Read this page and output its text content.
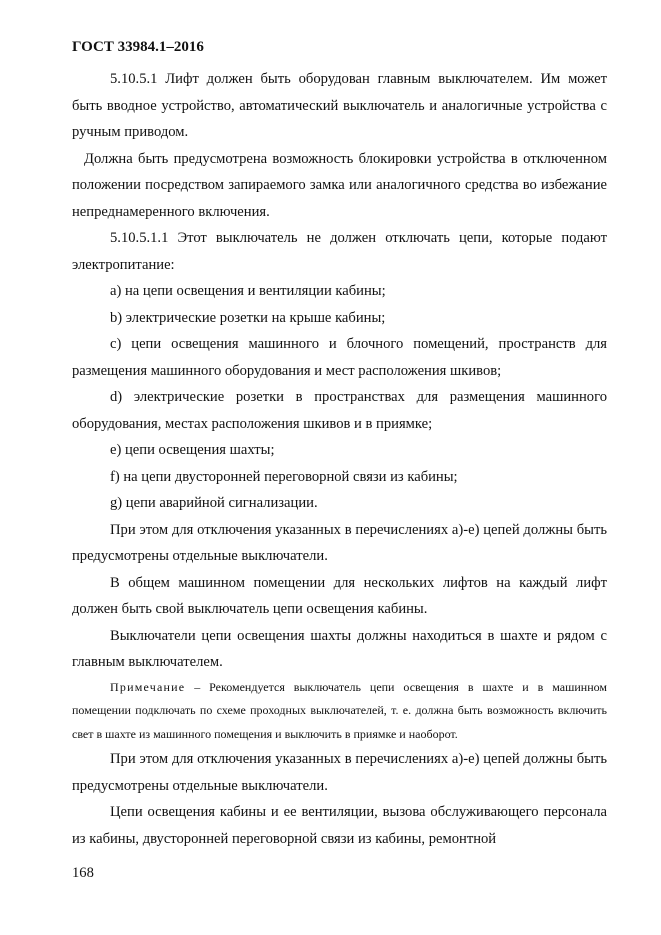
ГОСТ 33984.1–2016

5.10.5.1 Лифт должен быть оборудован главным выключателем. Им может быть вводное устройство, автоматический выключатель и аналогичные устройства с ручным приводом.

Должна быть предусмотрена возможность блокировки устройства в отключенном положении посредством запираемого замка или аналогичного средства во избежание непреднамеренного включения.

5.10.5.1.1 Этот выключатель не должен отключать цепи, которые подают электропитание:

a) на цепи освещения и вентиляции кабины;

b) электрические розетки на крыше кабины;

c) цепи освещения машинного и блочного помещений, пространств для размещения машинного оборудования и мест расположения шкивов;

d) электрические розетки в пространствах для размещения машинного оборудования, местах расположения шкивов и в приямке;

e) цепи освещения шахты;

f) на цепи двусторонней переговорной связи из кабины;

g) цепи аварийной сигнализации.

При этом для отключения указанных в перечислениях a)-e) цепей должны быть предусмотрены отдельные выключатели.

В общем машинном помещении для нескольких лифтов на каждый лифт должен быть свой выключатель цепи освещения кабины.

Выключатели цепи освещения шахты должны находиться в шахте и рядом с главным выключателем.

Примечание – Рекомендуется выключатель цепи освещения в шахте и в машинном помещении подключать по схеме проходных выключателей, т. е. должна быть возможность включить свет в шахте из машинного помещения и выключить в приямке и наоборот.

При этом для отключения указанных в перечислениях a)-e) цепей должны быть предусмотрены отдельные выключатели.

Цепи освещения кабины и ее вентиляции, вызова обслуживающего персонала из кабины, двусторонней переговорной связи из кабины, ремонтной

168
